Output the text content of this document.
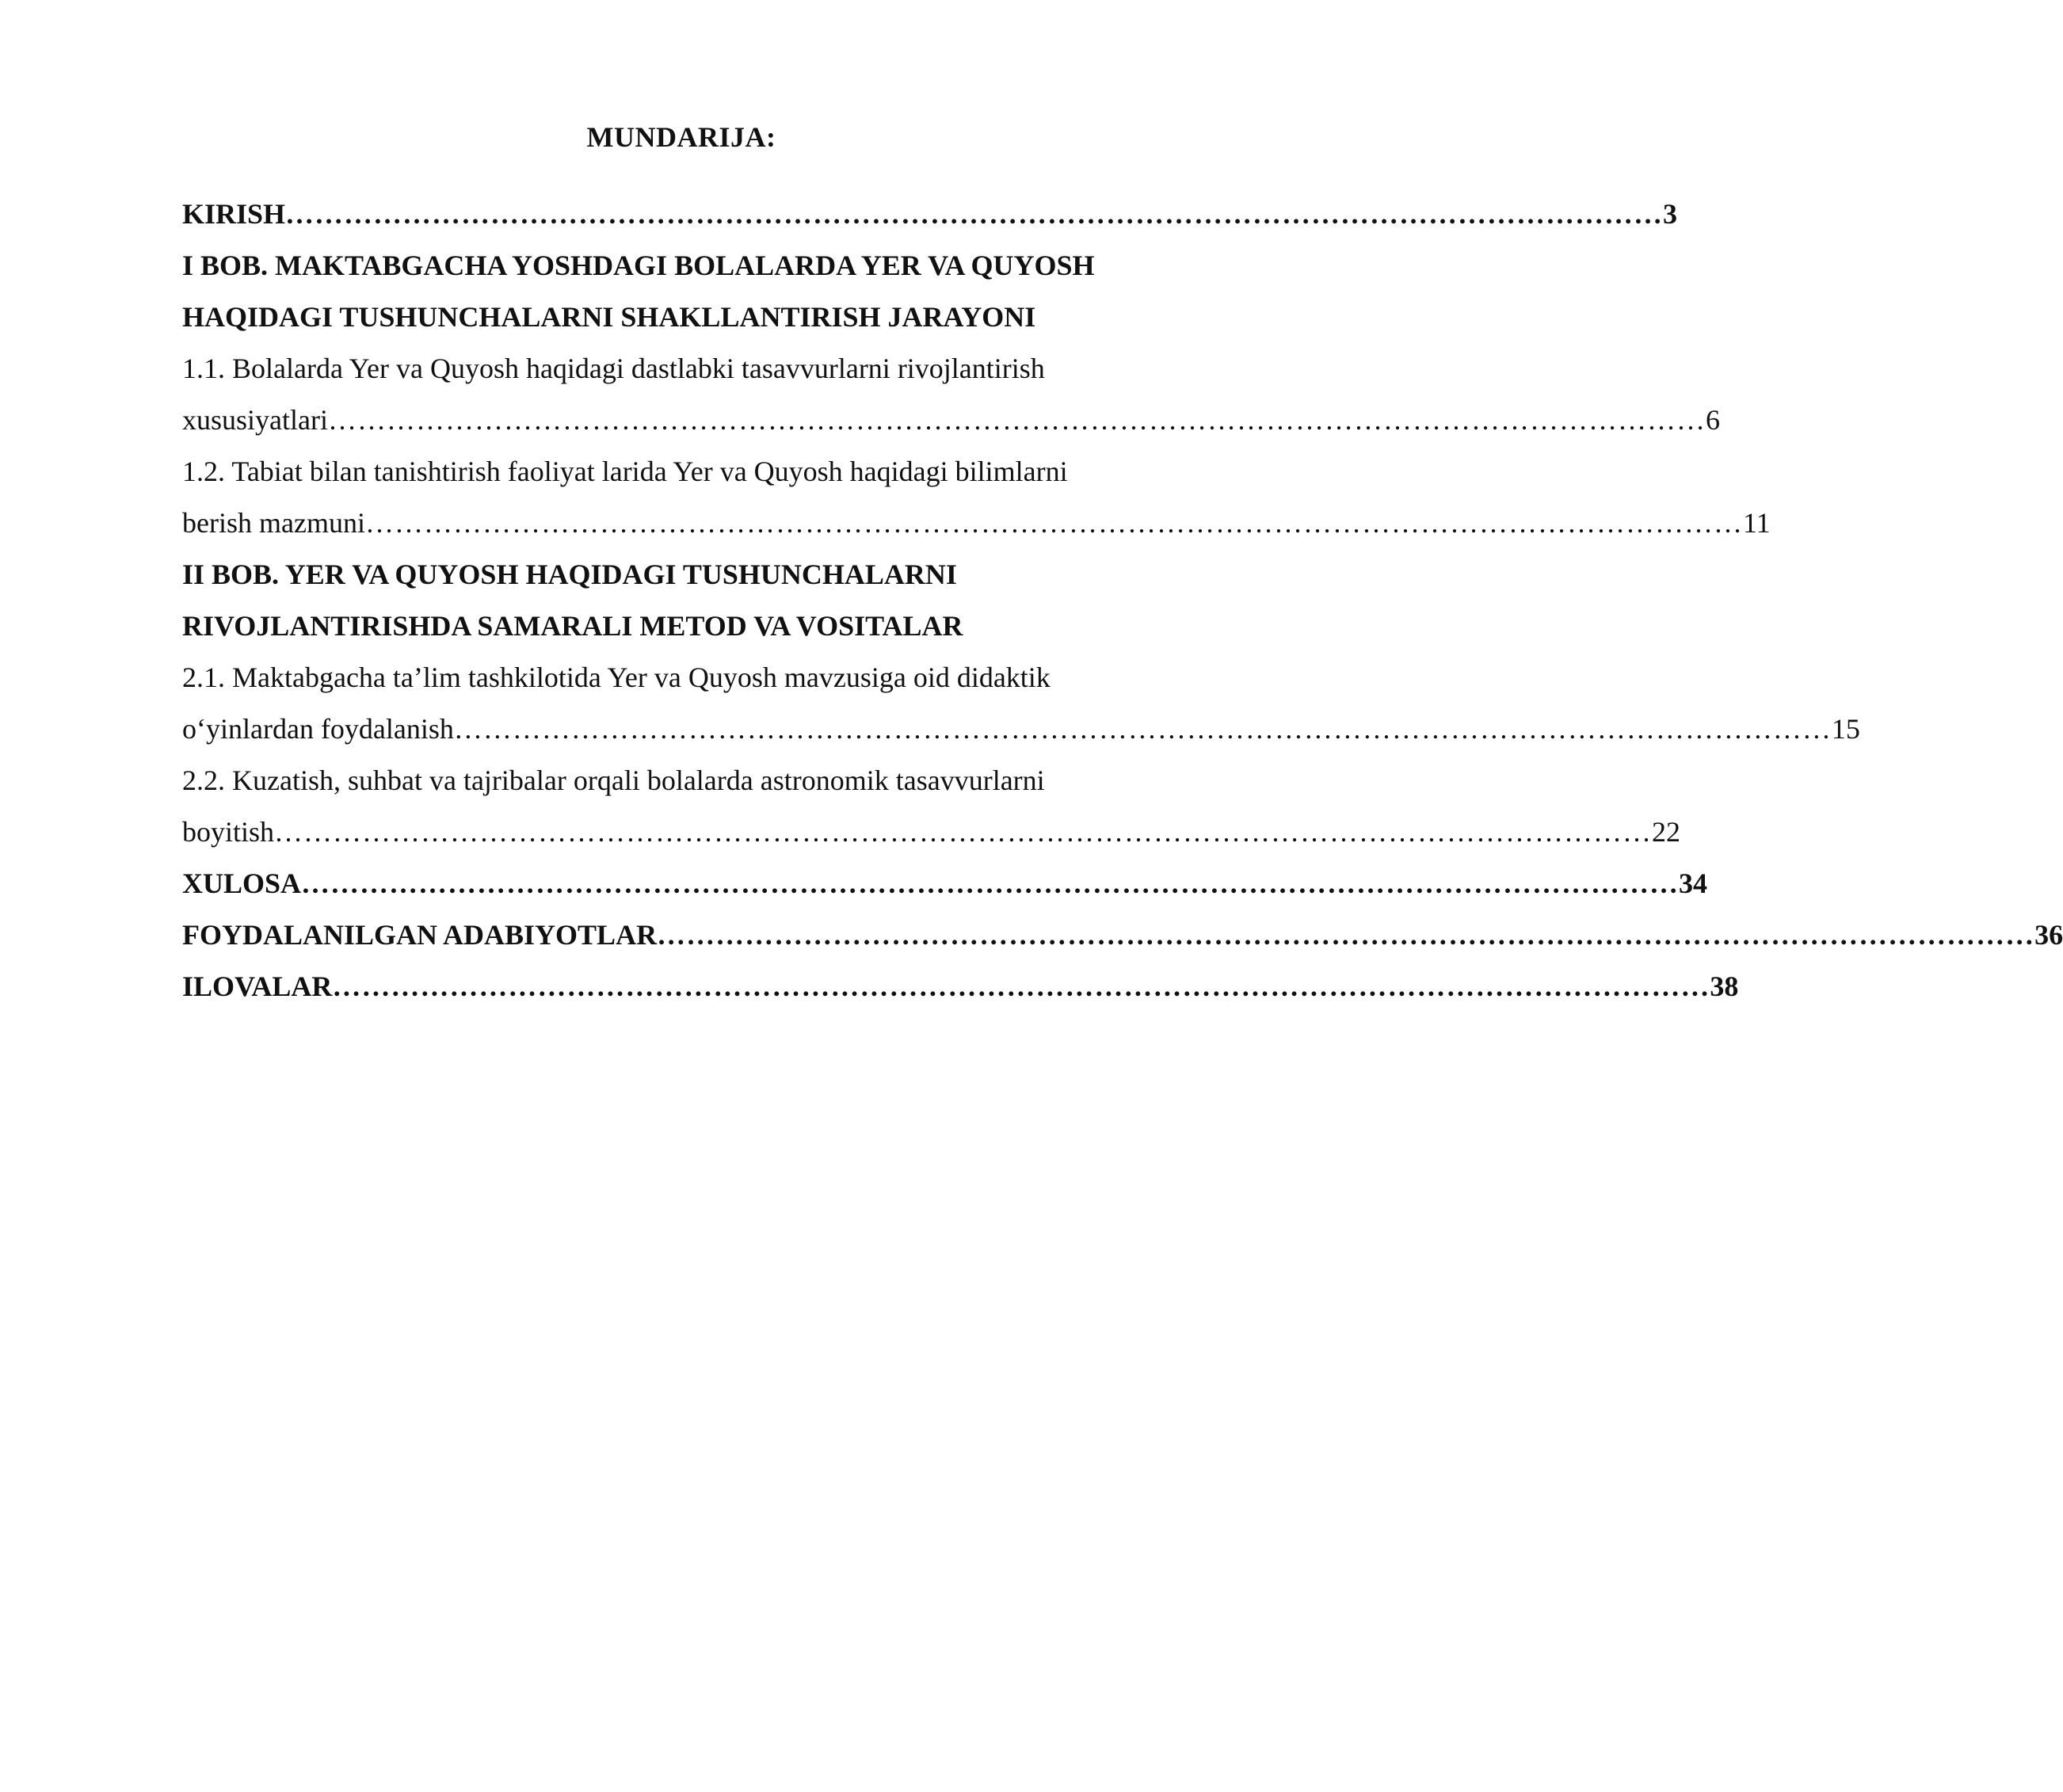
MUNDARIJA:
KIRISH …………………………………………………………………………………………………………………………… 3
I BOB. MAKTABGACHA YOSHDAGI BOLALARDA YER VA QUYOSH
HAQIDAGI TUSHUNCHALARNI SHAKLLANTIRISH JARAYONI
1.1. Bolalarda Yer va Quyosh haqidagi dastlabki tasavvurlarni rivojlantirish
xususiyatlari …………………………………………………………………………………………………………………………… 6
1.2. Tabiat bilan tanishtirish faoliyat larida Yer va Quyosh haqidagi bilimlarni
berish mazmuni …………………………………………………………………………………………………………………………… 11
II BOB. YER VA QUYOSH HAQIDAGI TUSHUNCHALARNI
RIVOJLANTIRISHDA SAMARALI METOD VA VOSITALAR
2.1. Maktabgacha ta’lim tashkilotida Yer va Quyosh mavzusiga oid didaktik
o‘yinlardan foydalanish …………………………………………………………………………………………………………………………… 15
2.2. Kuzatish, suhbat va tajribalar orqali bolalarda astronomik tasavvurlarni
boyitish …………………………………………………………………………………………………………………………… 22
XULOSA …………………………………………………………………………………………………………………………… 34
FOYDALANILGAN ADABIYOTLAR …………………………………………………………………………………………………………………………… 36
ILOVALAR …………………………………………………………………………………………………………………………… 38
